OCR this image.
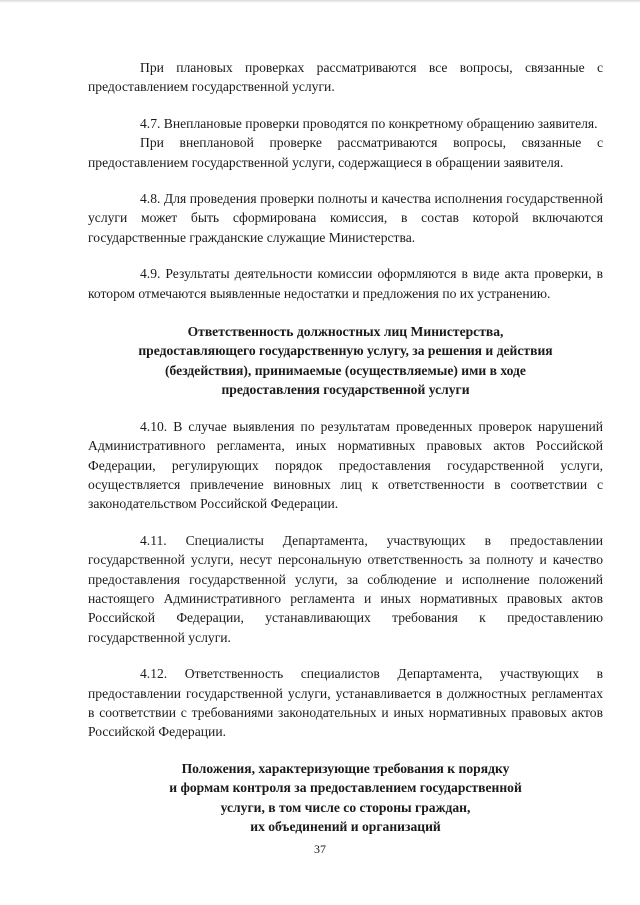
При плановых проверках рассматриваются все вопросы, связанные с предоставлением государственной услуги.

4.7. Внеплановые проверки проводятся по конкретному обращению заявителя.

При внеплановой проверке рассматриваются вопросы, связанные с предоставлением государственной услуги, содержащиеся в обращении заявителя.

4.8. Для проведения проверки полноты и качества исполнения государственной услуги может быть сформирована комиссия, в состав которой включаются государственные гражданские служащие Министерства.

4.9. Результаты деятельности комиссии оформляются в виде акта проверки, в котором отмечаются выявленные недостатки и предложения по их устранению.

Ответственность должностных лиц Министерства,
предоставляющего государственную услугу, за решения и действия
(бездействия), принимаемые (осуществляемые) ими в ходе
предоставления государственной услуги

4.10. В случае выявления по результатам проведенных проверок нарушений Административного регламента, иных нормативных правовых актов Российской Федерации, регулирующих порядок предоставления государственной услуги, осуществляется привлечение виновных лиц к ответственности в соответствии с законодательством Российской Федерации.

4.11. Специалисты Департамента, участвующих в предоставлении государственной услуги, несут персональную ответственность за полноту и качество предоставления государственной услуги, за соблюдение и исполнение положений настоящего Административного регламента и иных нормативных правовых актов Российской Федерации, устанавливающих требования к предоставлению государственной услуги.

4.12. Ответственность специалистов Департамента, участвующих в предоставлении государственной услуги, устанавливается в должностных регламентах в соответствии с требованиями законодательных и иных нормативных правовых актов Российской Федерации.

Положения, характеризующие требования к порядку
и формам контроля за предоставлением государственной
услуги, в том числе со стороны граждан,
их объединений и организаций
37
